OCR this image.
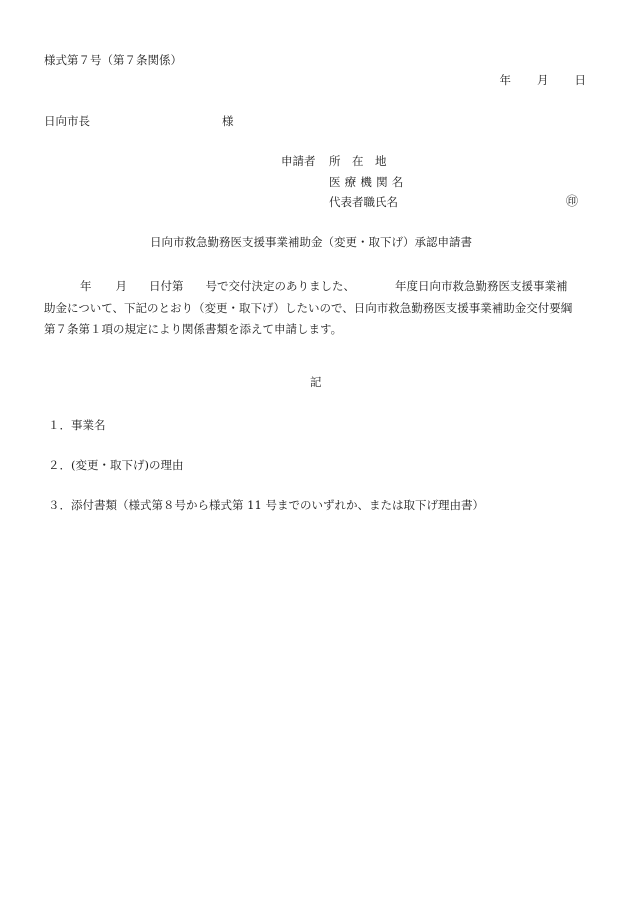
様式第７号（第７条関係）
年 月 日
日向市長	様
申請者 所　在　地
医療機関名
代表者職氏名	㊞
日向市救急勤務医支援事業補助金（変更・取下げ）承認申請書
年 月 日付第 号で交付決定のありました、	年度日向市救急勤務医支援事業補
助金について、下記のとおり（変更・取下げ）したいので、日向市救急勤務医支援事業補助金交付要綱
第７条第１項の規定により関係書類を添えて申請します。
記
１．事業名
２．(変更・取下げ)の理由
３．添付書類（様式第８号から様式第 11 号までのいずれか、または取下げ理由書）
